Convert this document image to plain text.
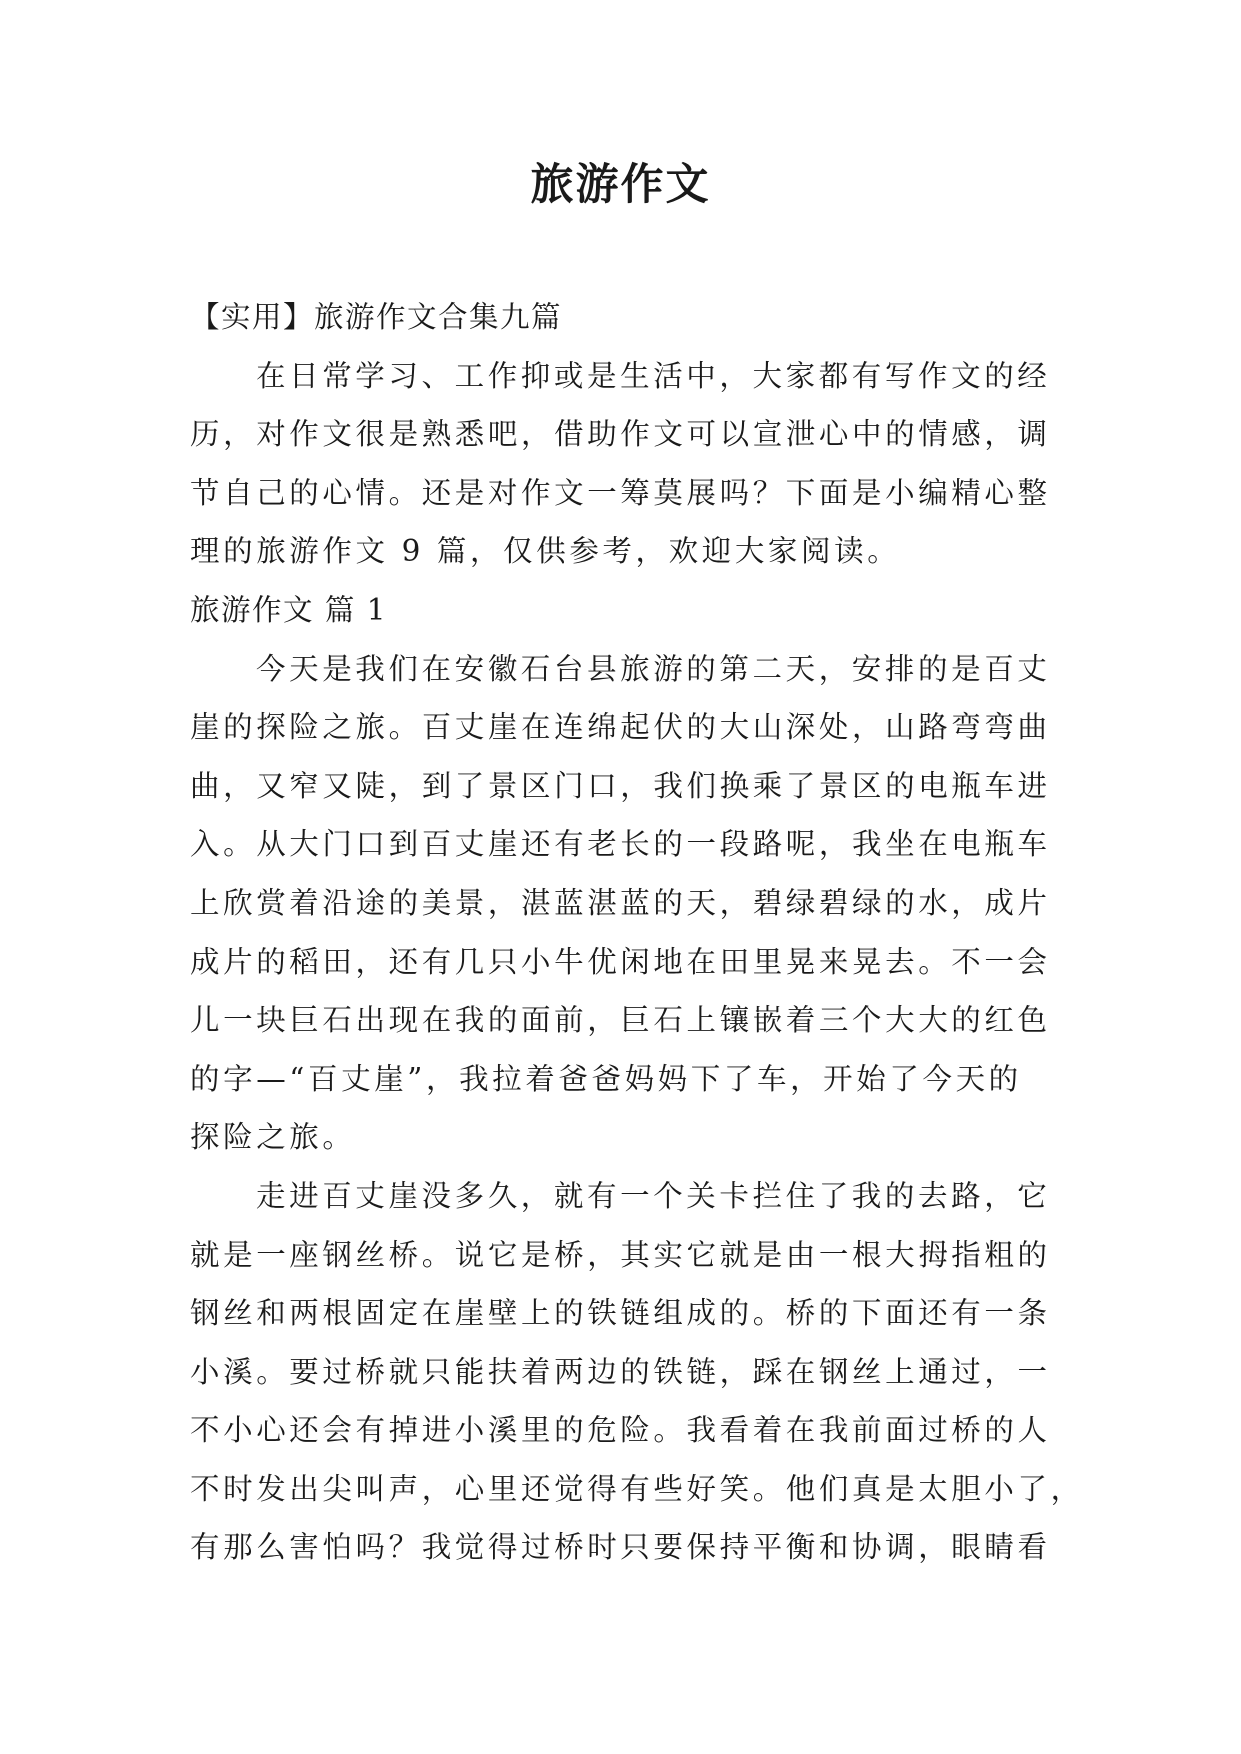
旅游作文
【实用】旅游作文合集九篇
在日常学习、工作抑或是生活中，大家都有写作文的经
历，对作文很是熟悉吧，借助作文可以宣泄心中的情感，调
节自己的心情。还是对作文一筹莫展吗？下面是小编精心整
理的旅游作文 9 篇，仅供参考，欢迎大家阅读。
旅游作文 篇 1
今天是我们在安徽石台县旅游的第二天，安排的是百丈
崖的探险之旅。百丈崖在连绵起伏的大山深处，山路弯弯曲
曲，又窄又陡，到了景区门口，我们换乘了景区的电瓶车进
入。从大门口到百丈崖还有老长的一段路呢，我坐在电瓶车
上欣赏着沿途的美景，湛蓝湛蓝的天，碧绿碧绿的水，成片
成片的稻田，还有几只小牛优闲地在田里晃来晃去。不一会
儿一块巨石出现在我的面前，巨石上镶嵌着三个大大的红色
的字—“百丈崖”，我拉着爸爸妈妈下了车，开始了今天的
探险之旅。
走进百丈崖没多久，就有一个关卡拦住了我的去路，它
就是一座钢丝桥。说它是桥，其实它就是由一根大拇指粗的
钢丝和两根固定在崖壁上的铁链组成的。桥的下面还有一条
小溪。要过桥就只能扶着两边的铁链，踩在钢丝上通过，一
不小心还会有掉进小溪里的危险。我看着在我前面过桥的人
不时发出尖叫声，心里还觉得有些好笑。他们真是太胆小了，
有那么害怕吗？我觉得过桥时只要保持平衡和协调，眼睛看
